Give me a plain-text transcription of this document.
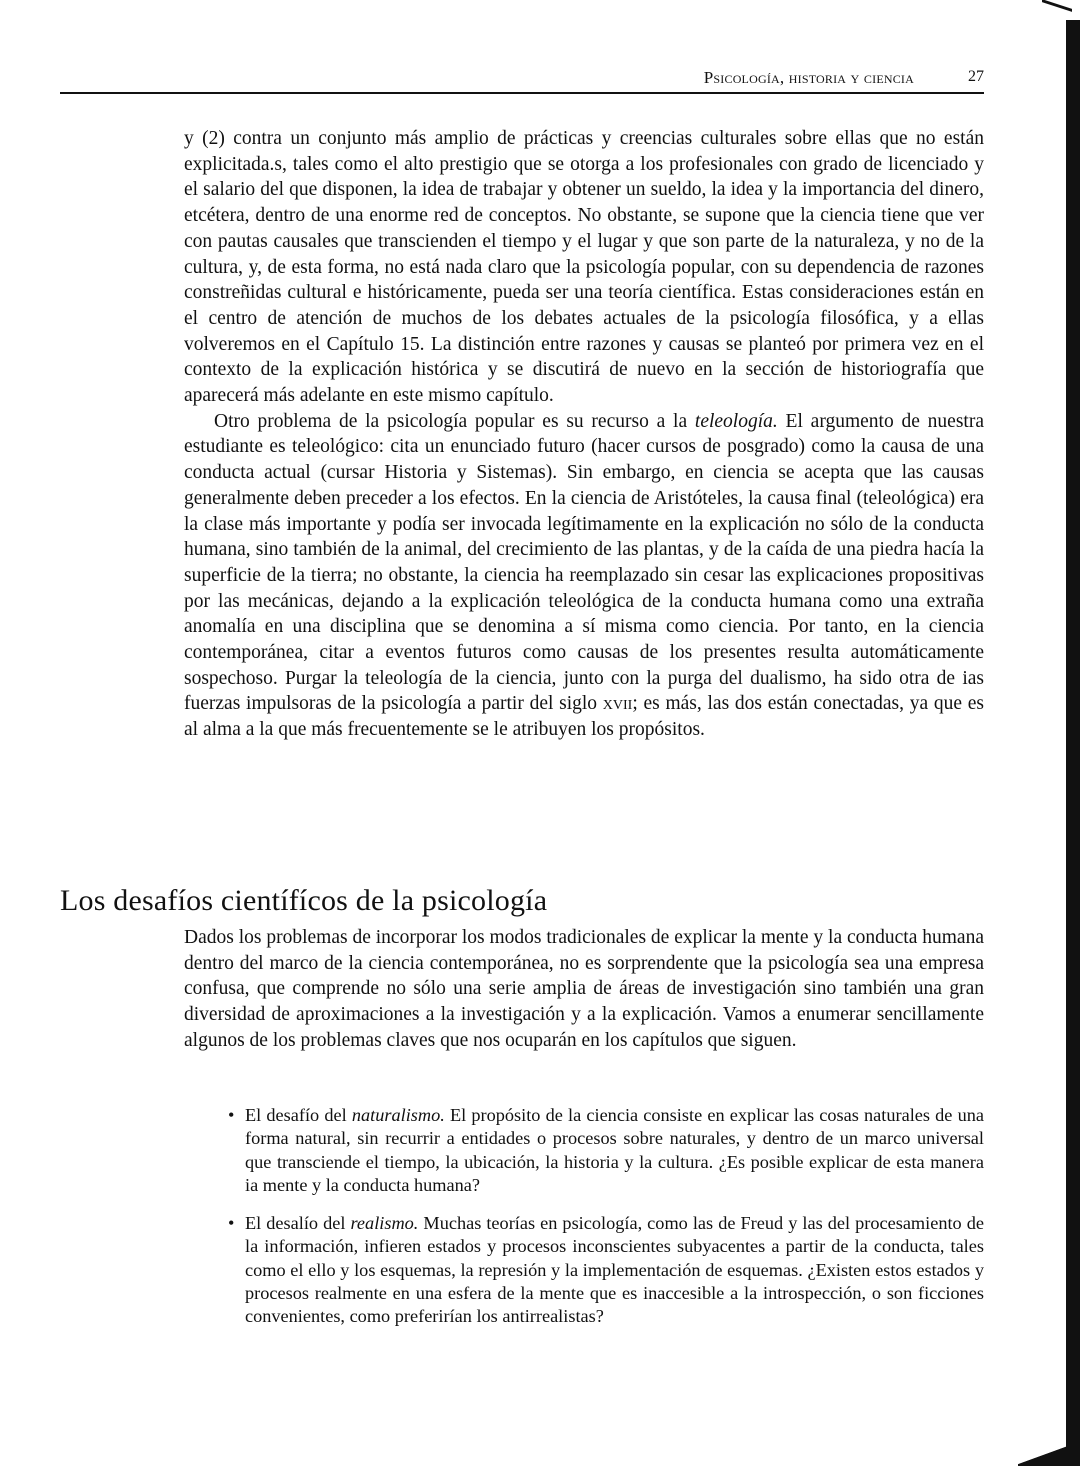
Psicología, historia y ciencia	27

y (2) contra un conjunto más amplio de prácticas y creencias culturales sobre ellas que no están explicitada.s, tales como el alto prestigio que se otorga a los profesionales con grado de licenciado y el salario del que disponen, la idea de trabajar y obtener un sueldo, la idea y la importancia del dinero, etcétera, dentro de una enorme red de conceptos. No obstante, se supone que la ciencia tiene que ver con pautas causales que transcienden el tiempo y el lugar y que son parte de la naturaleza, y no de la cultura, y, de esta forma, no está nada claro que la psicología popular, con su dependencia de razones constreñidas cultural e históricamente, pueda ser una teoría científica. Estas consideraciones están en el centro de atención de muchos de los debates actuales de la psicología filosófica, y a ellas volveremos en el Capítulo 15. La distinción entre razones y causas se planteó por primera vez en el contexto de la explicación histórica y se discutirá de nuevo en la sección de historiografía que aparecerá más adelante en este mismo capítulo.

Otro problema de la psicología popular es su recurso a la teleología. El argumento de nuestra estudiante es teleológico: cita un enunciado futuro (hacer cursos de posgrado) como la causa de una conducta actual (cursar Historia y Sistemas). Sin embargo, en ciencia se acepta que las causas generalmente deben preceder a los efectos. En la ciencia de Aristóteles, la causa final (teleológica) era la clase más importante y podía ser invocada legítimamente en la explicación no sólo de la conducta humana, sino también de la animal, del crecimiento de las plantas, y de la caída de una piedra hacía la superficie de la tierra; no obstante, la ciencia ha reemplazado sin cesar las explicaciones propositivas por las mecánicas, dejando a la explicación teleológica de la conducta humana como una extraña anomalía en una disciplina que se denomina a sí misma como ciencia. Por tanto, en la ciencia contemporánea, citar a eventos futuros como causas de los presentes resulta automáticamente sospechoso. Purgar la teleología de la ciencia, junto con la purga del dualismo, ha sido otra de ias fuerzas impulsoras de la psicología a partir del siglo xvii; es más, las dos están conectadas, ya que es al alma a la que más frecuentemente se le atribuyen los propósitos.

Los desafíos científícos de la psicología

Dados los problemas de incorporar los modos tradicionales de explicar la mente y la conducta humana dentro del marco de la ciencia contemporánea, no es sorprendente que la psicología sea una empresa confusa, que comprende no sólo una serie amplia de áreas de investigación sino también una gran diversidad de aproximaciones a la investigación y a la explicación. Vamos a enumerar sencillamente algunos de los problemas claves que nos ocuparán en los capítulos que siguen.

• El desafío del naturalismo. El propósito de la ciencia consiste en explicar las cosas naturales de una forma natural, sin recurrir a entidades o procesos sobre naturales, y dentro de un marco universal que transciende el tiempo, la ubicación, la historia y la cultura. ¿Es posible explicar de esta manera ia mente y la conducta humana?
• El desalío del realismo. Muchas teorías en psicología, como las de Freud y las del procesamiento de la información, infieren estados y procesos inconscientes subyacentes a partir de la conducta, tales como el ello y los esquemas, la represión y la implementación de esquemas. ¿Existen estos estados y procesos realmente en una esfera de la mente que es inaccesible a la introspección, o son ficciones convenientes, como preferirían los antirrealistas?
